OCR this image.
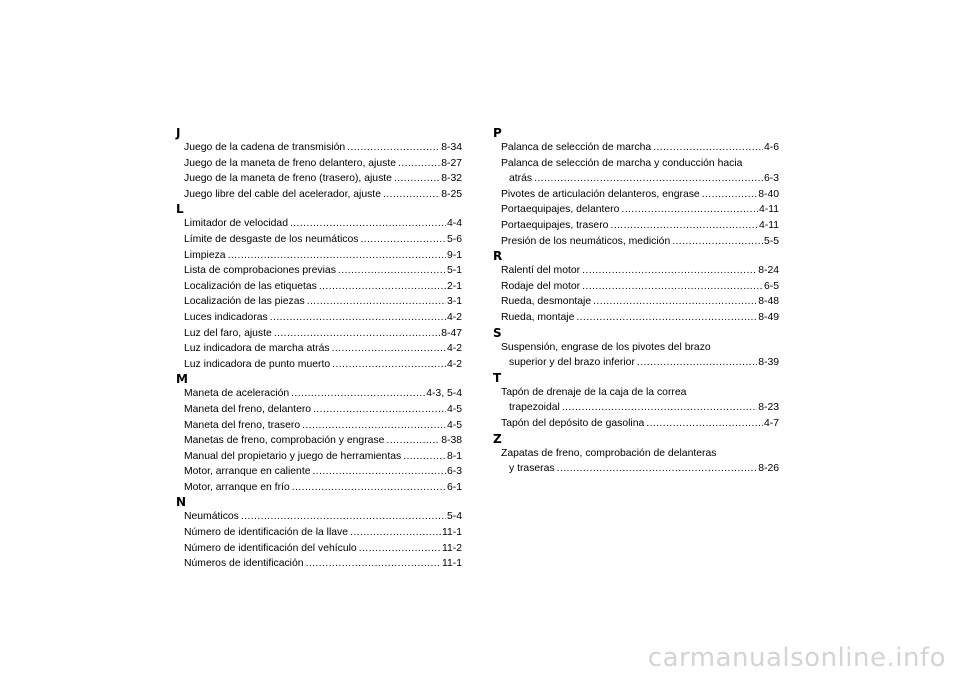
J
Juego de la cadena de transmisión .....	8-34
Juego de la maneta de freno delantero, ajuste .....	8-27
Juego de la maneta de freno (trasero), ajuste .....	8-32
Juego libre del cable del acelerador, ajuste .....	8-25
L
Limitador de velocidad .....	4-4
Límite de desgaste de los neumáticos .....	5-6
Limpieza .....	9-1
Lista de comprobaciones previas .....	5-1
Localización de las etiquetas .....	2-1
Localización de las piezas .....	3-1
Luces indicadoras .....	4-2
Luz del faro, ajuste .....	8-47
Luz indicadora de marcha atrás .....	4-2
Luz indicadora de punto muerto .....	4-2
M
Maneta de aceleración .....	4-3, 5-4
Maneta del freno, delantero .....	4-5
Maneta del freno, trasero .....	4-5
Manetas de freno, comprobación y engrase .....	8-38
Manual del propietario y juego de herramientas .....	8-1
Motor, arranque en caliente .....	6-3
Motor, arranque en frío .....	6-1
N
Neumáticos .....	5-4
Número de identificación de la llave .....	11-1
Número de identificación del vehículo .....	11-2
Números de identificación .....	11-1
P
Palanca de selección de marcha .....	4-6
Palanca de selección de marcha y conducción hacia
atrás .....	6-3
Pivotes de articulación delanteros, engrase .....	8-40
Portaequipajes, delantero .....	4-11
Portaequipajes, trasero .....	4-11
Presión de los neumáticos, medición .....	5-5
R
Ralentí del motor .....	8-24
Rodaje del motor .....	6-5
Rueda, desmontaje .....	8-48
Rueda, montaje .....	8-49
S
Suspensión, engrase de los pivotes del brazo
superior y del brazo inferior .....	8-39
T
Tapón de drenaje de la caja de la correa
trapezoidal .....	8-23
Tapón del depósito de gasolina .....	4-7
Z
Zapatas de freno, comprobación de delanteras
y traseras .....	8-26
carmanualsonline.info
